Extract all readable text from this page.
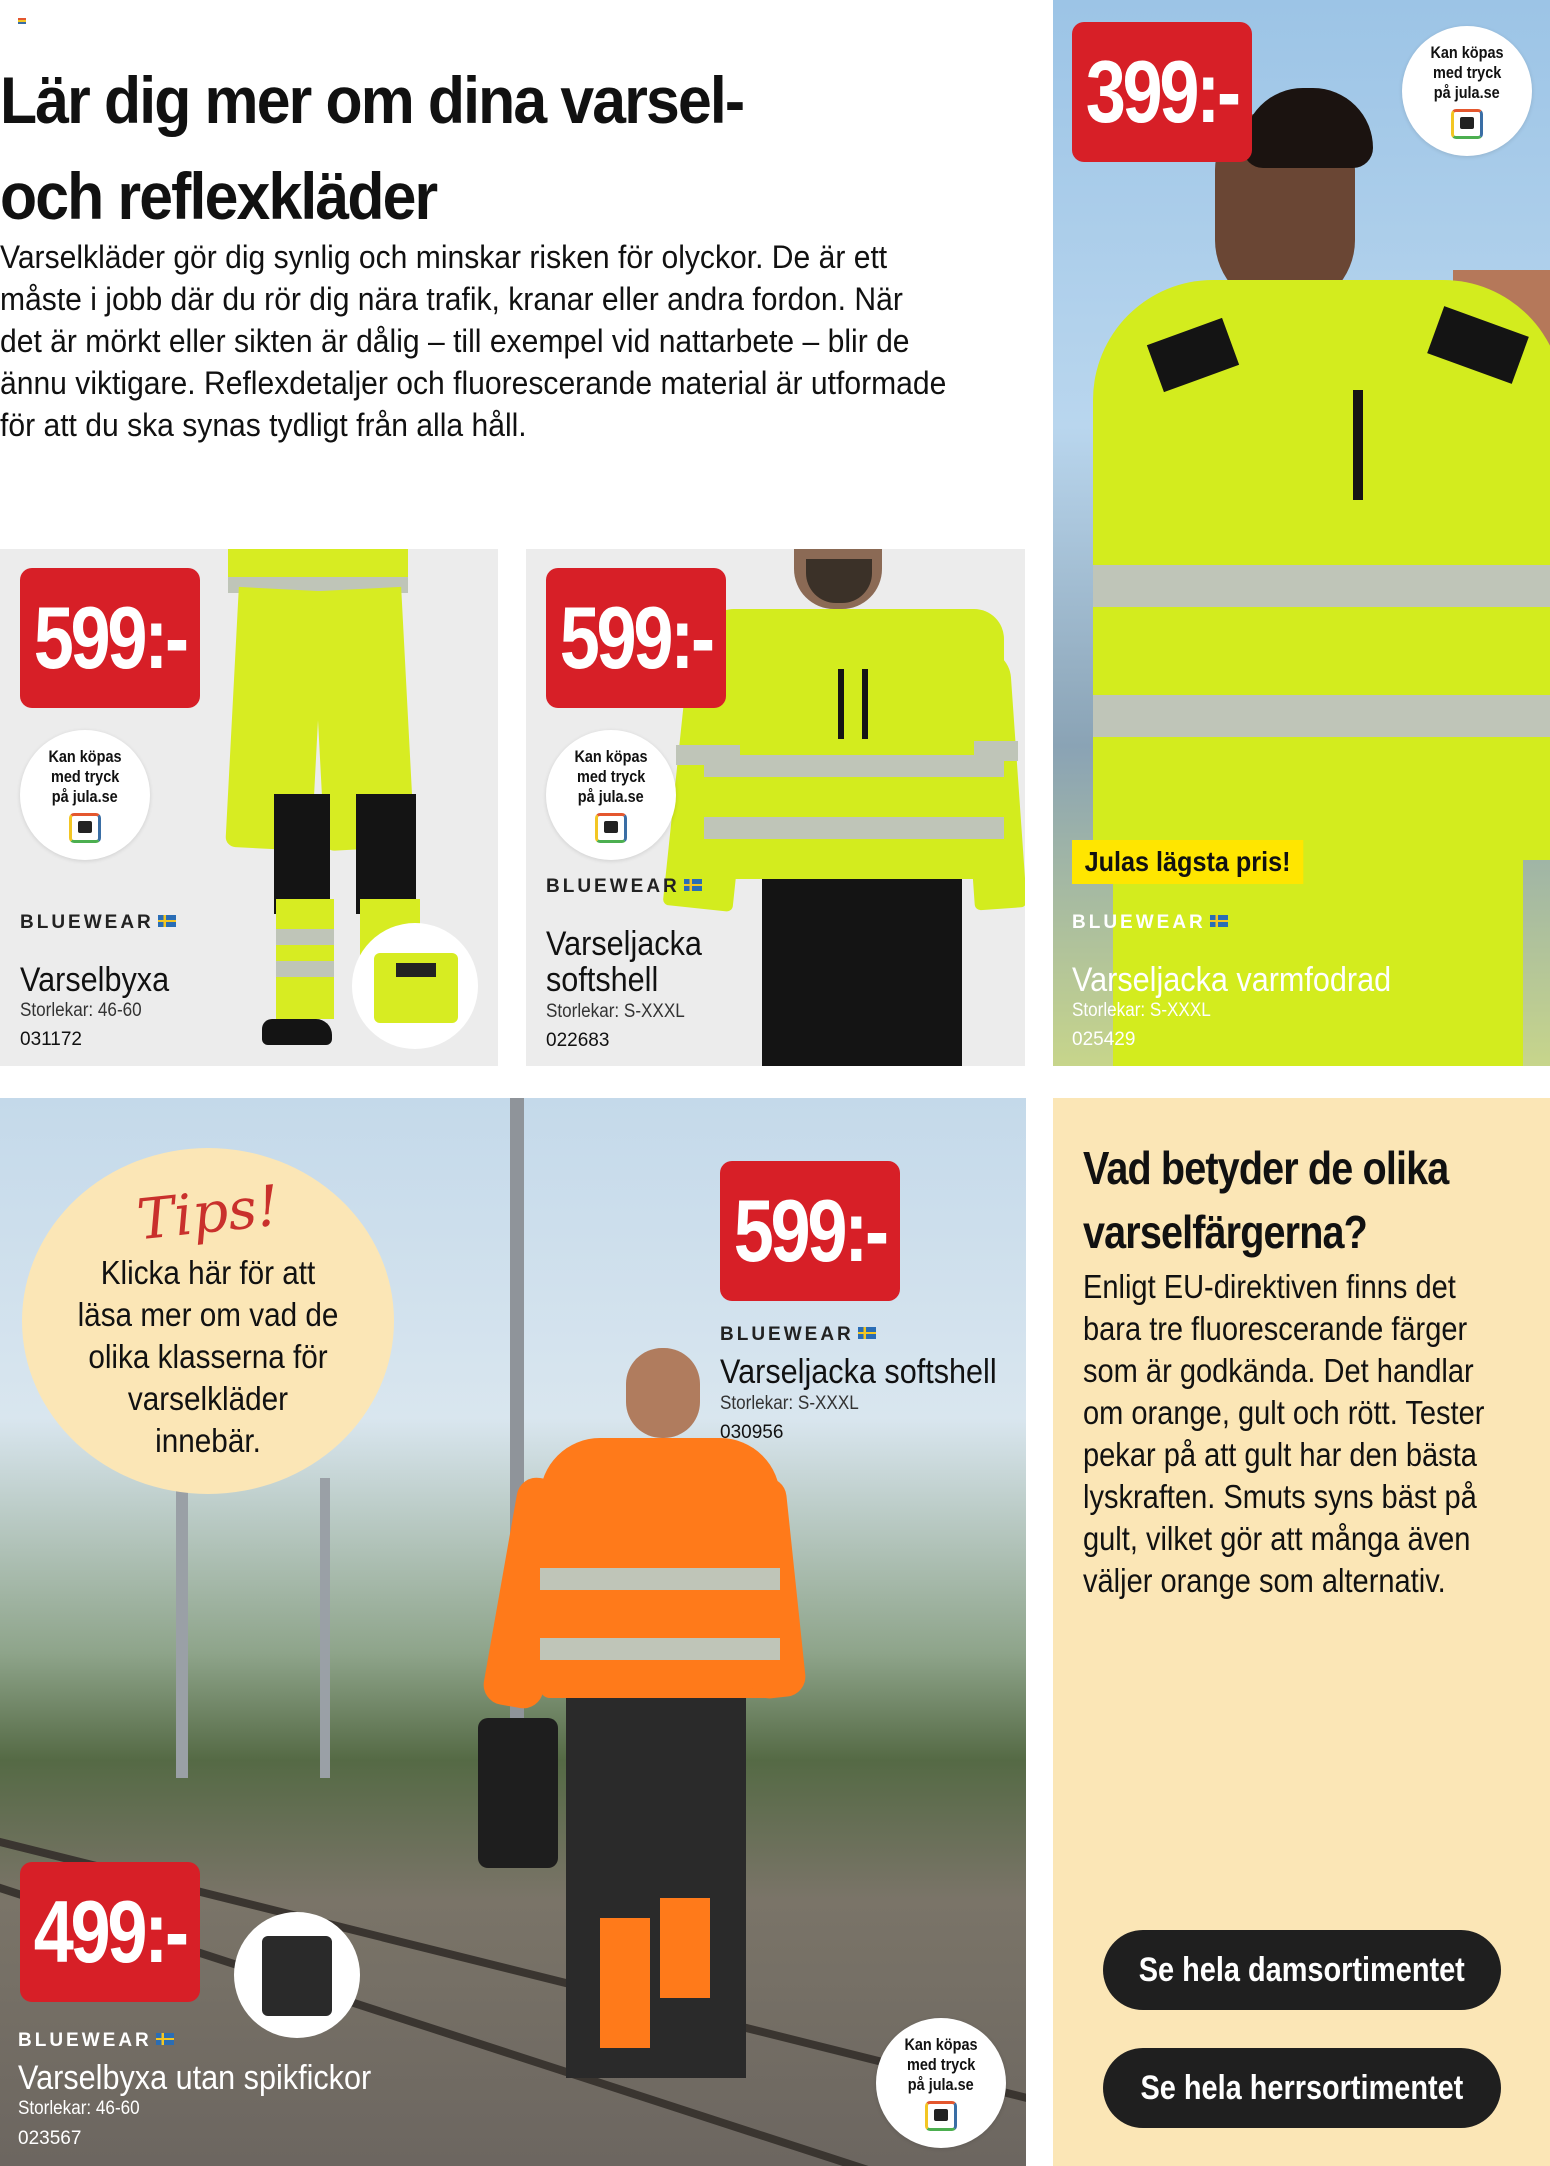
Lär dig mer om dina varsel-
och reflexkläder

Varselkläder gör dig synlig och minskar risken för olyckor. De är ett måste i jobb där du rör dig nära trafik, kranar eller andra fordon. När det är mörkt eller sikten är dålig – till exempel vid nattarbete – blir de ännu viktigare. Reflexdetaljer och fluorescerande material är utformade för att du ska synas tydligt från alla håll.

599:-
Kan köpas
med tryck
på jula.se
BLUEWEAR
Varselbyxa
Storlekar: 46-60
031172
599:-
Kan köpas
med tryck
på jula.se
BLUEWEAR
Varseljacka
softshell
Storlekar: S-XXXL
022683
399:-	Kan köpas
med tryck
på jula.se
Julas lägsta pris!
BLUEWEAR
Varseljacka varmfodrad
Storlekar: S-XXXL
025429
Tips!
Klicka här för att läsa mer om vad de olika klasserna för varselkläder innebär.
599:-
BLUEWEAR
Varseljacka softshell
Storlekar: S-XXXL
030956
499:-
BLUEWEAR
Varselbyxa utan spikfickor
Storlekar: 46-60
023567
Kan köpas
med tryck
på jula.se
Vad betyder de olika varselfärgerna?
Enligt EU-direktiven finns det bara tre fluorescerande färger som är godkända. Det handlar om orange, gult och rött. Tester pekar på att gult har den bästa lyskraften. Smuts syns bäst på gult, vilket gör att många även väljer orange som alternativ.
Se hela damsortimentet
Se hela herrsortimentet
